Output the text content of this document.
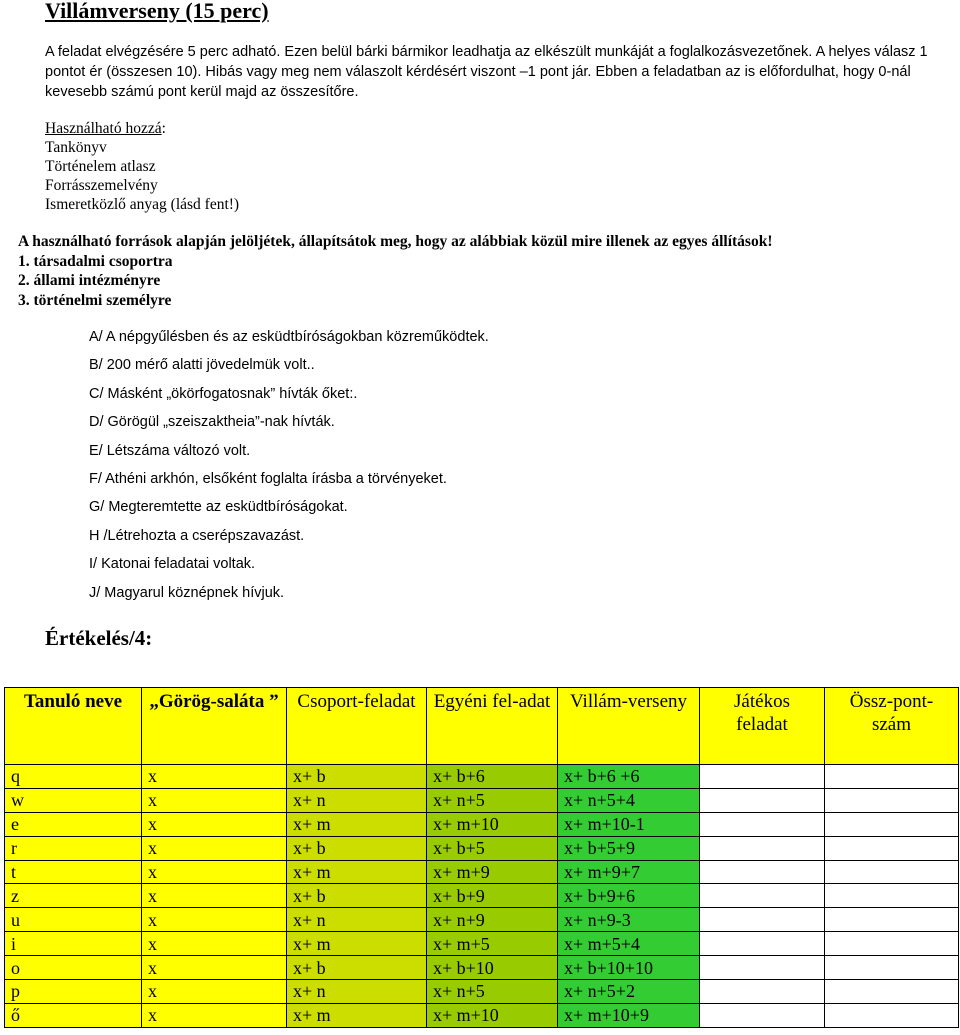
Villámverseny (15 perc)
A feladat elvégzésére 5 perc adható. Ezen belül bárki bármikor leadhatja az elkészült munkáját a foglalkozásvezetőnek. A helyes válasz 1 pontot ér (összesen 10). Hibás vagy meg nem válaszolt kérdésért viszont –1 pont jár. Ebben a feladatban az is előfordulhat, hogy 0-nál kevesebb számú pont kerül majd az összesítőre.
Használható hozzá:
Tankönyv
Történelem atlasz
Forrásszemelvény
Ismeretközlő anyag (lásd fent!)
A használható források alapján jelöljétek, állapítsátok meg, hogy az alábbiak közül mire illenek az egyes állítások!
1. társadalmi csoportra
2. állami intézményre
3. történelmi személyre
A/ A népgyűlésben és az esküdtbíróságokban közreműködtek.
B/ 200 mérő alatti jövedelmük volt..
C/ Másként „ökörfogatosnak” hívták őket:.
D/ Görögül „szeiszaktheia”-nak hívták.
E/ Létszáma változó volt.
F/ Athéni arkhón, elsőként foglalta írásba a törvényeket.
G/ Megteremtette az esküdtbíróságokat.
H /Létrehozta a cserépszavazást.
I/ Katonai feladatai voltak.
J/ Magyarul köznépnek hívjuk.
Értékelés/4:
Tanuló neve	„Görög-saláta ”	Csoport-feladat	Egyéni fel-adat	Villám-verseny	Játékos feladat	Össz-pont-szám
q	x	x+ b	x+ b+6	x+ b+6 +6		
w	x	x+ n	x+ n+5	x+ n+5+4		
e	x	x+ m	x+ m+10	x+ m+10-1		
r	x	x+ b	x+ b+5	x+ b+5+9		
t	x	x+ m	x+ m+9	x+ m+9+7		
z	x	x+ b	x+ b+9	x+ b+9+6		
u	x	x+ n	x+ n+9	x+ n+9-3		
i	x	x+ m	x+ m+5	x+ m+5+4		
o	x	x+ b	x+ b+10	x+ b+10+10		
p	x	x+ n	x+ n+5	x+ n+5+2		
ő	x	x+ m	x+ m+10	x+ m+10+9		
